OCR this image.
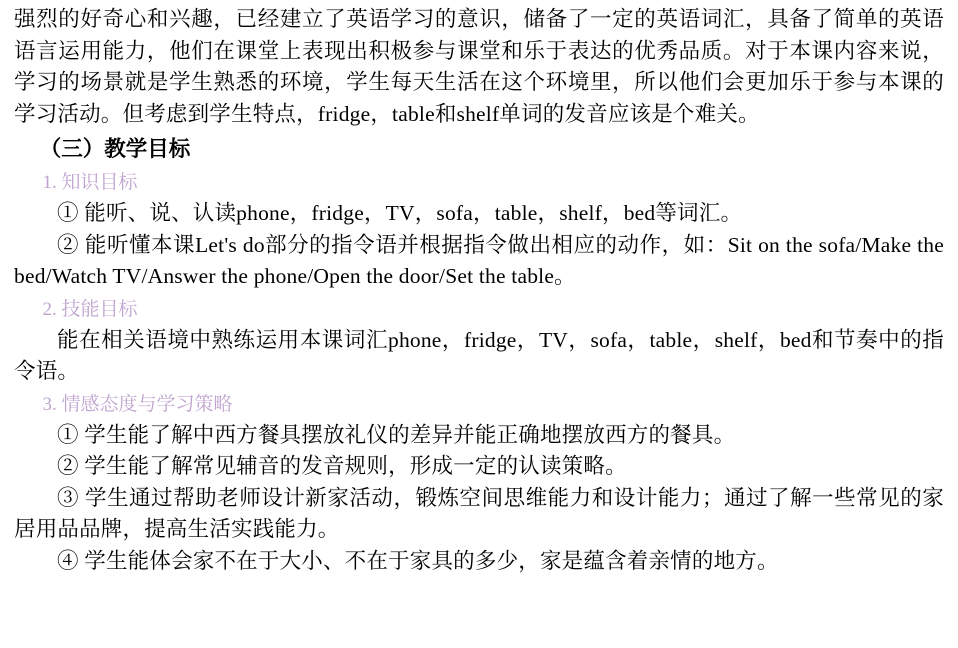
强烈的好奇心和兴趣，已经建立了英语学习的意识，储备了一定的英语词汇，具备了简单的英语语言运用能力，他们在课堂上表现出积极参与课堂和乐于表达的优秀品质。对于本课内容来说，学习的场景就是学生熟悉的环境，学生每天生活在这个环境里，所以他们会更加乐于参与本课的学习活动。但考虑到学生特点，fridge，table和shelf单词的发音应该是个难关。

（三）教学目标

1. 知识目标

① 能听、说、认读phone，fridge，TV，sofa，table，shelf，bed等词汇。

② 能听懂本课Let's do部分的指令语并根据指令做出相应的动作，如：Sit on the sofa/Make the bed/Watch TV/Answer the phone/Open the door/Set the table。

2. 技能目标

能在相关语境中熟练运用本课词汇phone，fridge，TV，sofa，table，shelf，bed和节奏中的指令语。

3. 情感态度与学习策略

① 学生能了解中西方餐具摆放礼仪的差异并能正确地摆放西方的餐具。

② 学生能了解常见辅音的发音规则，形成一定的认读策略。

③ 学生通过帮助老师设计新家活动，锻炼空间思维能力和设计能力；通过了解一些常见的家居用品品牌，提高生活实践能力。

④ 学生能体会家不在于大小、不在于家具的多少，家是蕴含着亲情的地方。
